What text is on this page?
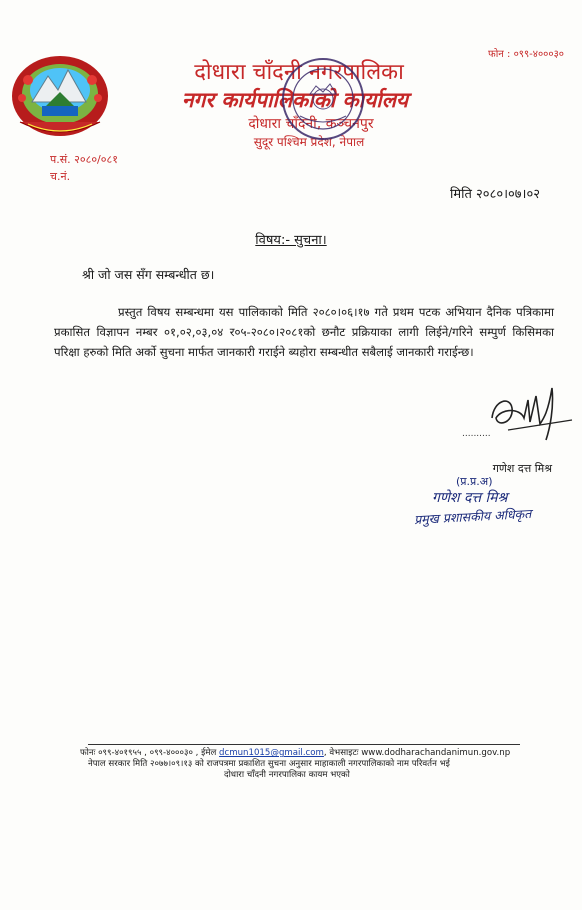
फोन : ०९९-४०००३०
दोधारा चाँदनी नगरपालिका
नगर कार्यपालिकाको कार्यालय
दोधारा चाँदनी, कञ्चनपुर
सुदूर पश्चिम प्रदेश, नेपाल
प.सं. २०८०/०८१
च.नं.
मिति २०८०।०७।०२
विषय:- सुचना।
श्री जो जस सँग सम्बन्धीत छ।

प्रस्तुत विषय सम्बन्धमा यस पालिकाको मिति २०८०।०६।१७ गते प्रथम पटक अभियान दैनिक पत्रिकामा प्रकासित विज्ञापन नम्बर ०१,०२,०३,०४ र०५-२०८०।२०८१को छनौट प्रक्रियाका लागी लिईने/गरिने सम्पुर्ण किसिमका परिक्षा हरुको मिति अर्को सुचना मार्फत जानकारी गराईने ब्यहोरा सम्बन्धीत सबैलाई जानकारी गराईन्छ।

..........
गणेश दत्त मिश्र
(प्र.प्र.अ)
गणेश दत्त मिश्र
प्रमुख प्रशासकीय अधिकृत
फोनः ०९९-४०१९५५ , ०९९-४०००३० , ईमेल dcmun1015@gmail.com, वेभसाइटः www.dodharachandanimun.gov.np
नेपाल सरकार मिति २०७७।०९।१३ को राजपत्रमा प्रकाशित सुचना अनुसार माहाकाली नगरपालिकाको नाम परिवर्तन भई
दोधारा चाँदनी नगरपालिका कायम भएको
